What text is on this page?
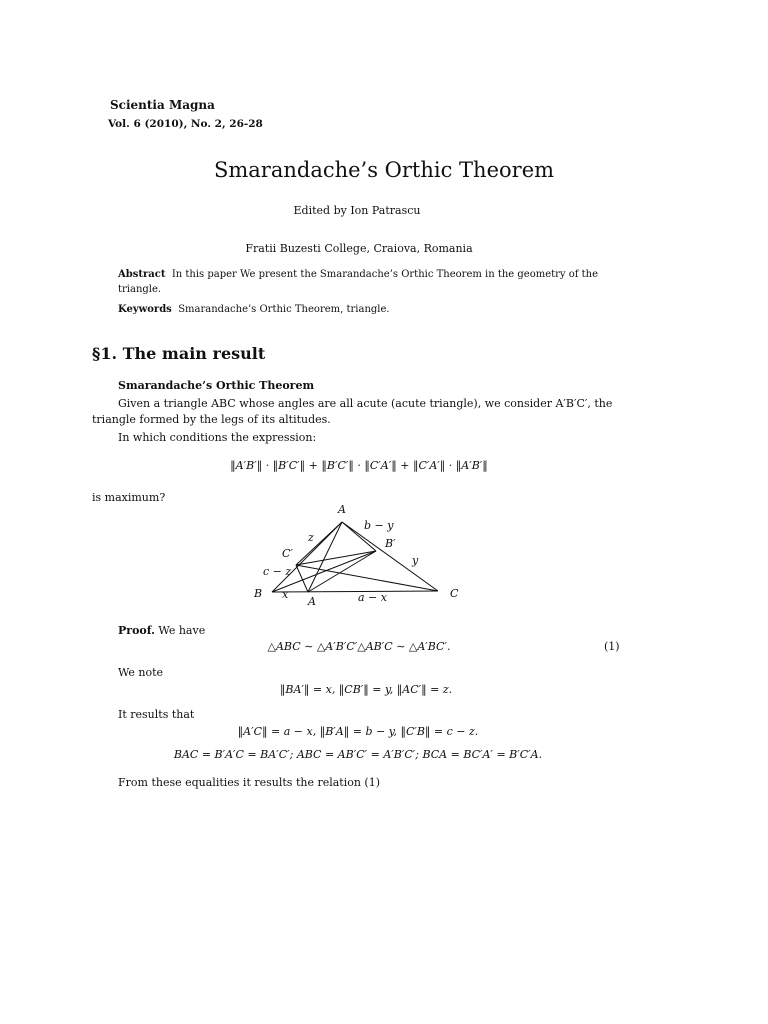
Scientia Magna
Vol. 6 (2010), No. 2, 26-28
Smarandache’s Orthic Theorem
Edited by Ion Patrascu
Fratii Buzesti College, Craiova, Romania
Abstract In this paper We present the Smarandache’s Orthic Theorem in the geometry of the triangle.
Keywords Smarandache’s Orthic Theorem, triangle.
§1. The main result
Smarandache’s Orthic Theorem
Given a triangle ABC whose angles are all acute (acute triangle), we consider A′B′C′, the triangle formed by the legs of its altitudes.
In which conditions the expression:
‖A′B′‖ · ‖B′C′‖ + ‖B′C′‖ · ‖C′A′‖ + ‖C′A′‖ · ‖A′B′‖
is maximum?
A
B	C
A
B′
C′
b − y
y
z
c − z
x	a − x
Proof. We have
△ABC ∼ △A′B′C′△AB′C ∼ △A′BC′.	(1)
We note
‖BA′‖ = x, ‖CB′‖ = y, ‖AC′‖ = z.
It results that
‖A′C‖ = a − x, ‖B′A‖ = b − y, ‖C′B‖ = c − z.
BAC = B′A′C = BA′C′; ABC = AB′C′ = A′B′C′; BCA = BC′A′ = B′C′A.
From these equalities it results the relation (1)
